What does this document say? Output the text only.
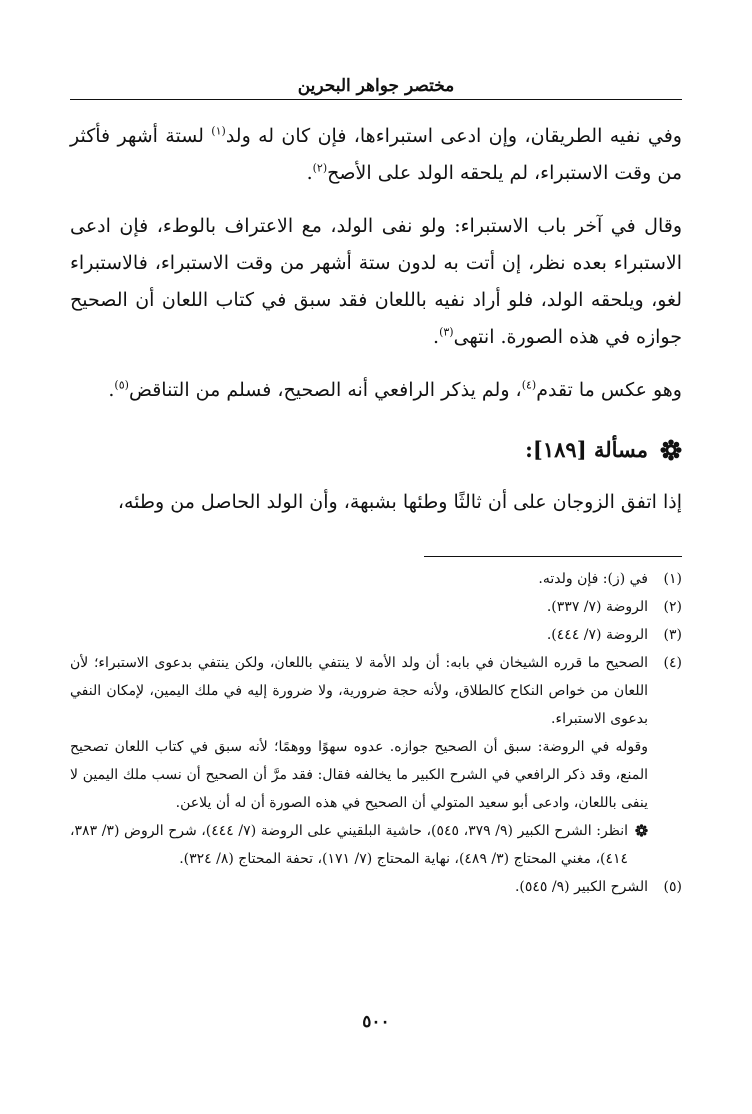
مختصر جواهر البحرين

وفي نفيه الطريقان، وإن ادعى استبراءها، فإن كان له ولد$^{(١)}$ لستة أشهر فأكثر من وقت الاستبراء، لم يلحقه الولد على الأصح$^{(٢)}$.

وقال في آخر باب الاستبراء: ولو نفى الولد، مع الاعتراف بالوطء، فإن ادعى الاستبراء بعده نظر، إن أتت به لدون ستة أشهر من وقت الاستبراء، فالاستبراء لغو، ويلحقه الولد، فلو أراد نفيه باللعان فقد سبق في كتاب اللعان أن الصحيح جوازه في هذه الصورة. انتهى$^{(٣)}$.

وهو عكس ما تقدم$^{(٤)}$، ولم يذكر الرافعي أنه الصحيح، فسلم من التناقض$^{(٥)}$.

مسألة [١٨٩]:

إذا اتفق الزوجان على أن ثالثًا وطئها بشبهة، وأن الولد الحاصل من وطئه،

(١)
في (ز): فإن ولدته.
(٢)
الروضة (٧/ ٣٣٧).
(٣)
الروضة (٧/ ٤٤٤).
(٤)

الصحيح ما قرره الشيخان في بابه: أن ولد الأمة لا ينتفي باللعان، ولكن ينتفي بدعوى الاستبراء؛ لأن اللعان من خواص النكاح كالطلاق، ولأنه حجة ضرورية، ولا ضرورة إليه في ملك اليمين، لإمكان النفي بدعوى الاستبراء.

وقوله في الروضة: سبق أن الصحيح جوازه. عدوه سهوًا ووهمًا؛ لأنه سبق في كتاب اللعان تصحيح المنع، وقد ذكر الرافعي في الشرح الكبير ما يخالفه فقال: فقد مرَّ أن الصحيح أن نسب ملك اليمين لا ينفى باللعان، وادعى أبو سعيد المتولي أن الصحيح في هذه الصورة أن له أن يلاعن.

انظر: الشرح الكبير (٩/ ٣٧٩، ٥٤٥)، حاشية البلقيني على الروضة (٧/ ٤٤٤)، شرح الروض (٣/ ٣٨٣، ٤١٤)، مغني المحتاج (٣/ ٤٨٩)، نهاية المحتاج (٧/ ١٧١)، تحفة المحتاج (٨/ ٣٢٤).
(٥)
الشرح الكبير (٩/ ٥٤٥).
٥٠٠
